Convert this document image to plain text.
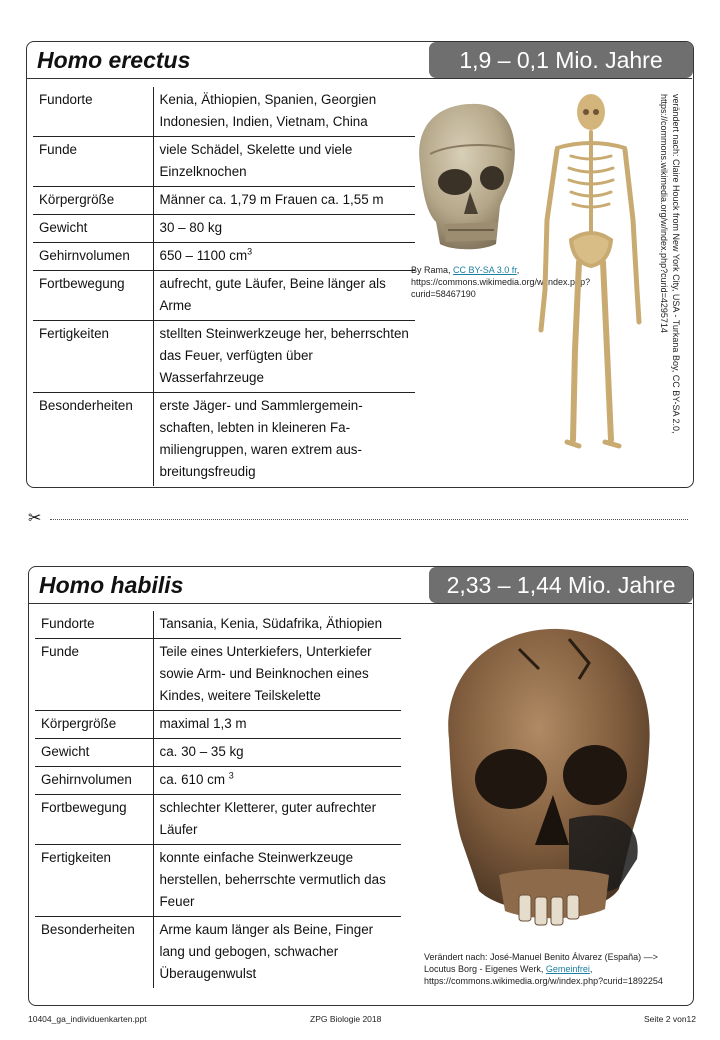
Homo erectus	1,9 – 0,1 Mio. Jahre
Fundorte	Kenia, Äthiopien, Spanien, Georgien Indonesien, Indien, Vietnam, China
Funde	viele Schädel, Skelette und viele Einzelknochen
Körpergröße	Männer ca. 1,79 m Frauen ca. 1,55 m
Gewicht	30 – 80 kg
Gehirnvolumen	650 – 1100 $cm^3$
Fortbewegung	aufrecht, gute Läufer, Beine länger als Arme
Fertigkeiten	stellten Steinwerkzeuge her, beherrschten das Feuer, verfügten über Wasserfahrzeuge
Besonderheiten	erste Jäger- und Sammlergemein-schaften, lebten in kleineren Fa-miliengruppen, waren extrem aus-breitungsfreudig
By Rama, CC BY-SA 3.0 fr, https://commons.wikimedia.org/w/index.php?curid=58467190	verändert nach: Claire Houck from New York City, USA - Turkana Boy, CC BY-SA 2.0,
https://commons.wikimedia.org/w/index.php?curid=4295714
✂
Homo habilis	2,33 – 1,44 Mio. Jahre
Fundorte	Tansania, Kenia, Südafrika, Äthiopien
Funde	Teile eines Unterkiefers, Unterkiefer sowie Arm- und Beinknochen eines Kindes, weitere Teilskelette
Körpergröße	maximal 1,3 m
Gewicht	ca. 30 – 35 kg
Gehirnvolumen	ca. 610 cm $^3$
Fortbewegung	schlechter Kletterer, guter aufrechter Läufer
Fertigkeiten	konnte einfache Steinwerkzeuge herstellen, beherrschte vermutlich das Feuer
Besonderheiten	Arme kaum länger als Beine, Finger lang und gebogen, schwacher Überaugenwulst
Verändert nach: José-Manuel Benito Álvarez (España) —> Locutus Borg - Eigenes Werk, Gemeinfrei, https://commons.wikimedia.org/w/index.php?curid=1892254
10404_ga_individuenkarten.ppt	ZPG Biologie 2018	Seite 2 von12
